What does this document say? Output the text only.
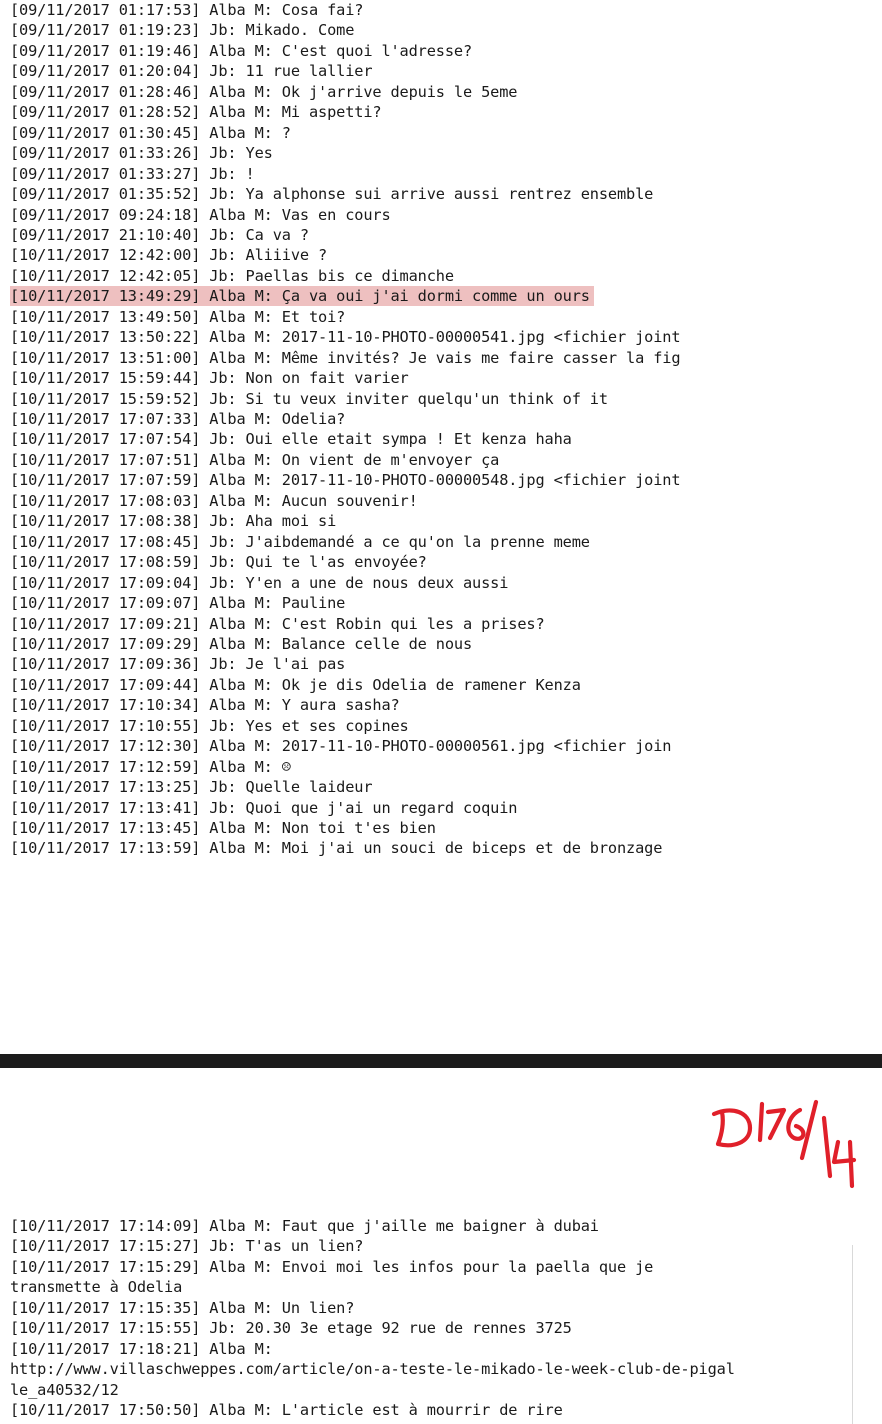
[09/11/2017 01:17:53] Alba M: Cosa fai?
[09/11/2017 01:19:23] Jb: Mikado. Come
[09/11/2017 01:19:46] Alba M: C'est quoi l'adresse?
[09/11/2017 01:20:04] Jb: 11 rue lallier
[09/11/2017 01:28:46] Alba M: Ok j'arrive depuis le 5eme
[09/11/2017 01:28:52] Alba M: Mi aspetti?
[09/11/2017 01:30:45] Alba M: ?
[09/11/2017 01:33:26] Jb: Yes
[09/11/2017 01:33:27] Jb: !
[09/11/2017 01:35:52] Jb: Ya alphonse sui arrive aussi rentrez ensemble
[09/11/2017 09:24:18] Alba M: Vas en cours
[09/11/2017 21:10:40] Jb: Ca va ?
[10/11/2017 12:42:00] Jb: Aliiive ?
[10/11/2017 12:42:05] Jb: Paellas bis ce dimanche
[10/11/2017 13:49:29] Alba M: Ça va oui j'ai dormi comme un ours
[10/11/2017 13:49:50] Alba M: Et toi?
[10/11/2017 13:50:22] Alba M: 2017-11-10-PHOTO-00000541.jpg <fichier joint
[10/11/2017 13:51:00] Alba M: Même invités? Je vais me faire casser la fig
[10/11/2017 15:59:44] Jb: Non on fait varier
[10/11/2017 15:59:52] Jb: Si tu veux inviter quelqu'un think of it
[10/11/2017 17:07:33] Alba M: Odelia?
[10/11/2017 17:07:54] Jb: Oui elle etait sympa ! Et kenza haha
[10/11/2017 17:07:51] Alba M: On vient de m'envoyer ça
[10/11/2017 17:07:59] Alba M: 2017-11-10-PHOTO-00000548.jpg <fichier joint
[10/11/2017 17:08:03] Alba M: Aucun souvenir!
[10/11/2017 17:08:38] Jb: Aha moi si
[10/11/2017 17:08:45] Jb: J'aibdemandé a ce qu'on la prenne meme
[10/11/2017 17:08:59] Jb: Qui te l'as envoyée?
[10/11/2017 17:09:04] Jb: Y'en a une de nous deux aussi
[10/11/2017 17:09:07] Alba M: Pauline
[10/11/2017 17:09:21] Alba M: C'est Robin qui les a prises?
[10/11/2017 17:09:29] Alba M: Balance celle de nous
[10/11/2017 17:09:36] Jb: Je l'ai pas
[10/11/2017 17:09:44] Alba M: Ok je dis Odelia de ramener Kenza
[10/11/2017 17:10:34] Alba M: Y aura sasha?
[10/11/2017 17:10:55] Jb: Yes et ses copines
[10/11/2017 17:12:30] Alba M: 2017-11-10-PHOTO-00000561.jpg <fichier join
[10/11/2017 17:12:59] Alba M: ☹
[10/11/2017 17:13:25] Jb: Quelle laideur
[10/11/2017 17:13:41] Jb: Quoi que j'ai un regard coquin
[10/11/2017 17:13:45] Alba M: Non toi t'es bien
[10/11/2017 17:13:59] Alba M: Moi j'ai un souci de biceps et de bronzage
[10/11/2017 17:14:09] Alba M: Faut que j'aille me baigner à dubai
[10/11/2017 17:15:27] Jb: T'as un lien?
[10/11/2017 17:15:29] Alba M: Envoi moi les infos pour la paella que je
transmette à Odelia
[10/11/2017 17:15:35] Alba M: Un lien?
[10/11/2017 17:15:55] Jb: 20.30 3e etage 92 rue de rennes 3725
[10/11/2017 17:18:21] Alba M:
http://www.villaschweppes.com/article/on-a-teste-le-mikado-le-week-club-de-pigal
le_a40532/12
[10/11/2017 17:50:50] Alba M: L'article est à mourrir de rire
